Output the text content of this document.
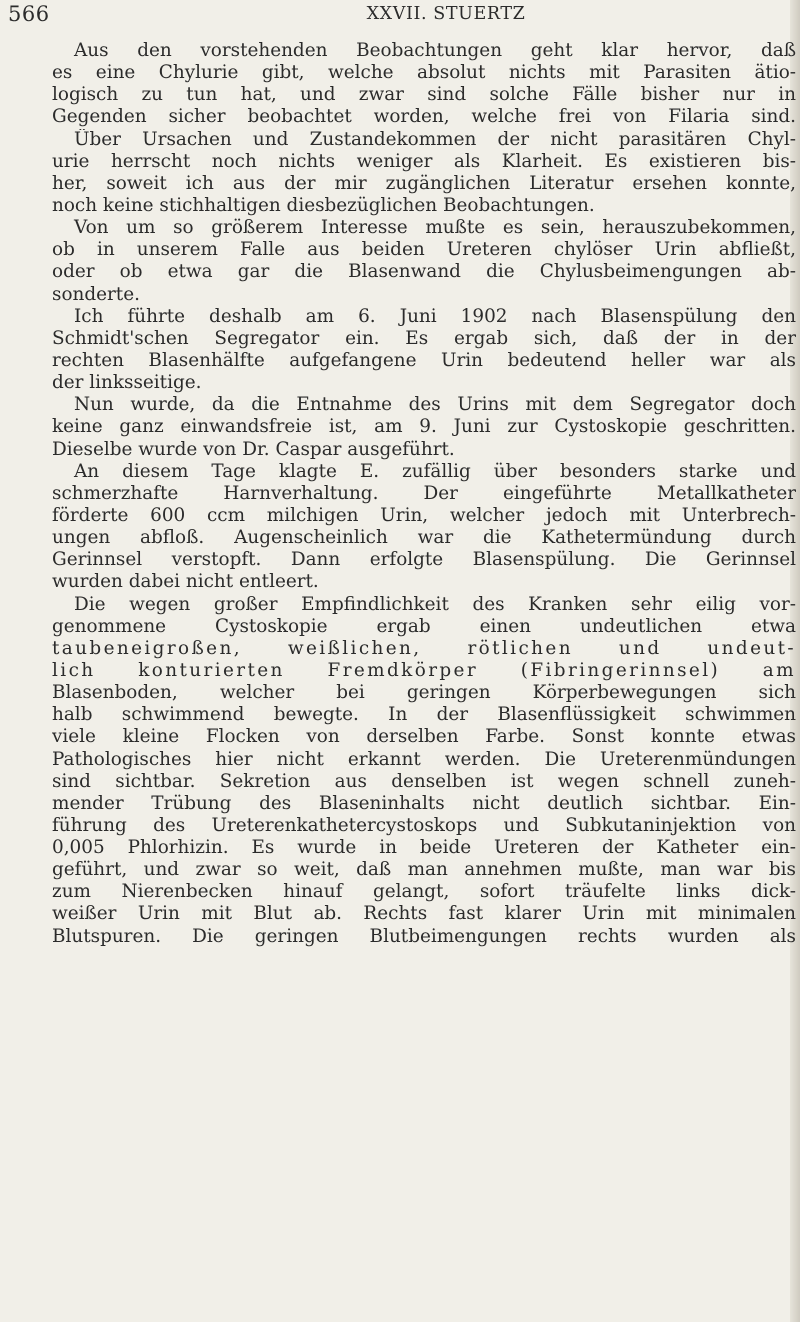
566	XXVII. STUERTZ
Aus den vorstehenden Beobachtungen geht klar hervor, daß
es eine Chylurie gibt, welche absolut nichts mit Parasiten ätio-
logisch zu tun hat, und zwar sind solche Fälle bisher nur in
Gegenden sicher beobachtet worden, welche frei von Filaria sind.
Über Ursachen und Zustandekommen der nicht parasitären Chyl-
urie herrscht noch nichts weniger als Klarheit. Es existieren bis-
her, soweit ich aus der mir zugänglichen Literatur ersehen konnte,
noch keine stichhaltigen diesbezüglichen Beobachtungen.
Von um so größerem Interesse mußte es sein, herauszubekommen,
ob in unserem Falle aus beiden Ureteren chylöser Urin abfließt,
oder ob etwa gar die Blasenwand die Chylusbeimengungen ab-
sonderte.
Ich führte deshalb am 6. Juni 1902 nach Blasenspülung den
Schmidt'schen Segregator ein. Es ergab sich, daß der in der
rechten Blasenhälfte aufgefangene Urin bedeutend heller war als
der linksseitige.
Nun wurde, da die Entnahme des Urins mit dem Segregator doch
keine ganz einwandsfreie ist, am 9. Juni zur Cystoskopie geschritten.
Dieselbe wurde von Dr. Caspar ausgeführt.
An diesem Tage klagte E. zufällig über besonders starke und
schmerzhafte Harnverhaltung. Der eingeführte Metallkatheter
förderte 600 ccm milchigen Urin, welcher jedoch mit Unterbrech-
ungen abfloß. Augenscheinlich war die Kathetermündung durch
Gerinnsel verstopft. Dann erfolgte Blasenspülung. Die Gerinnsel
wurden dabei nicht entleert.
Die wegen großer Empfindlichkeit des Kranken sehr eilig vor-
genommene Cystoskopie ergab einen undeutlichen etwa
taubeneigroßen, weißlichen, rötlichen und undeut-
lich konturierten Fremdkörper (Fibringerinnsel) am
Blasenboden, welcher bei geringen Körperbewegungen sich
halb schwimmend bewegte. In der Blasenflüssigkeit schwimmen
viele kleine Flocken von derselben Farbe. Sonst konnte etwas
Pathologisches hier nicht erkannt werden. Die Ureterenmündungen
sind sichtbar. Sekretion aus denselben ist wegen schnell zuneh-
mender Trübung des Blaseninhalts nicht deutlich sichtbar. Ein-
führung des Ureterenkathetercystoskops und Subkutaninjektion von
0,005 Phlorhizin. Es wurde in beide Ureteren der Katheter ein-
geführt, und zwar so weit, daß man annehmen mußte, man war bis
zum Nierenbecken hinauf gelangt, sofort träufelte links dick-
weißer Urin mit Blut ab. Rechts fast klarer Urin mit minimalen
Blutspuren. Die geringen Blutbeimengungen rechts wurden als
